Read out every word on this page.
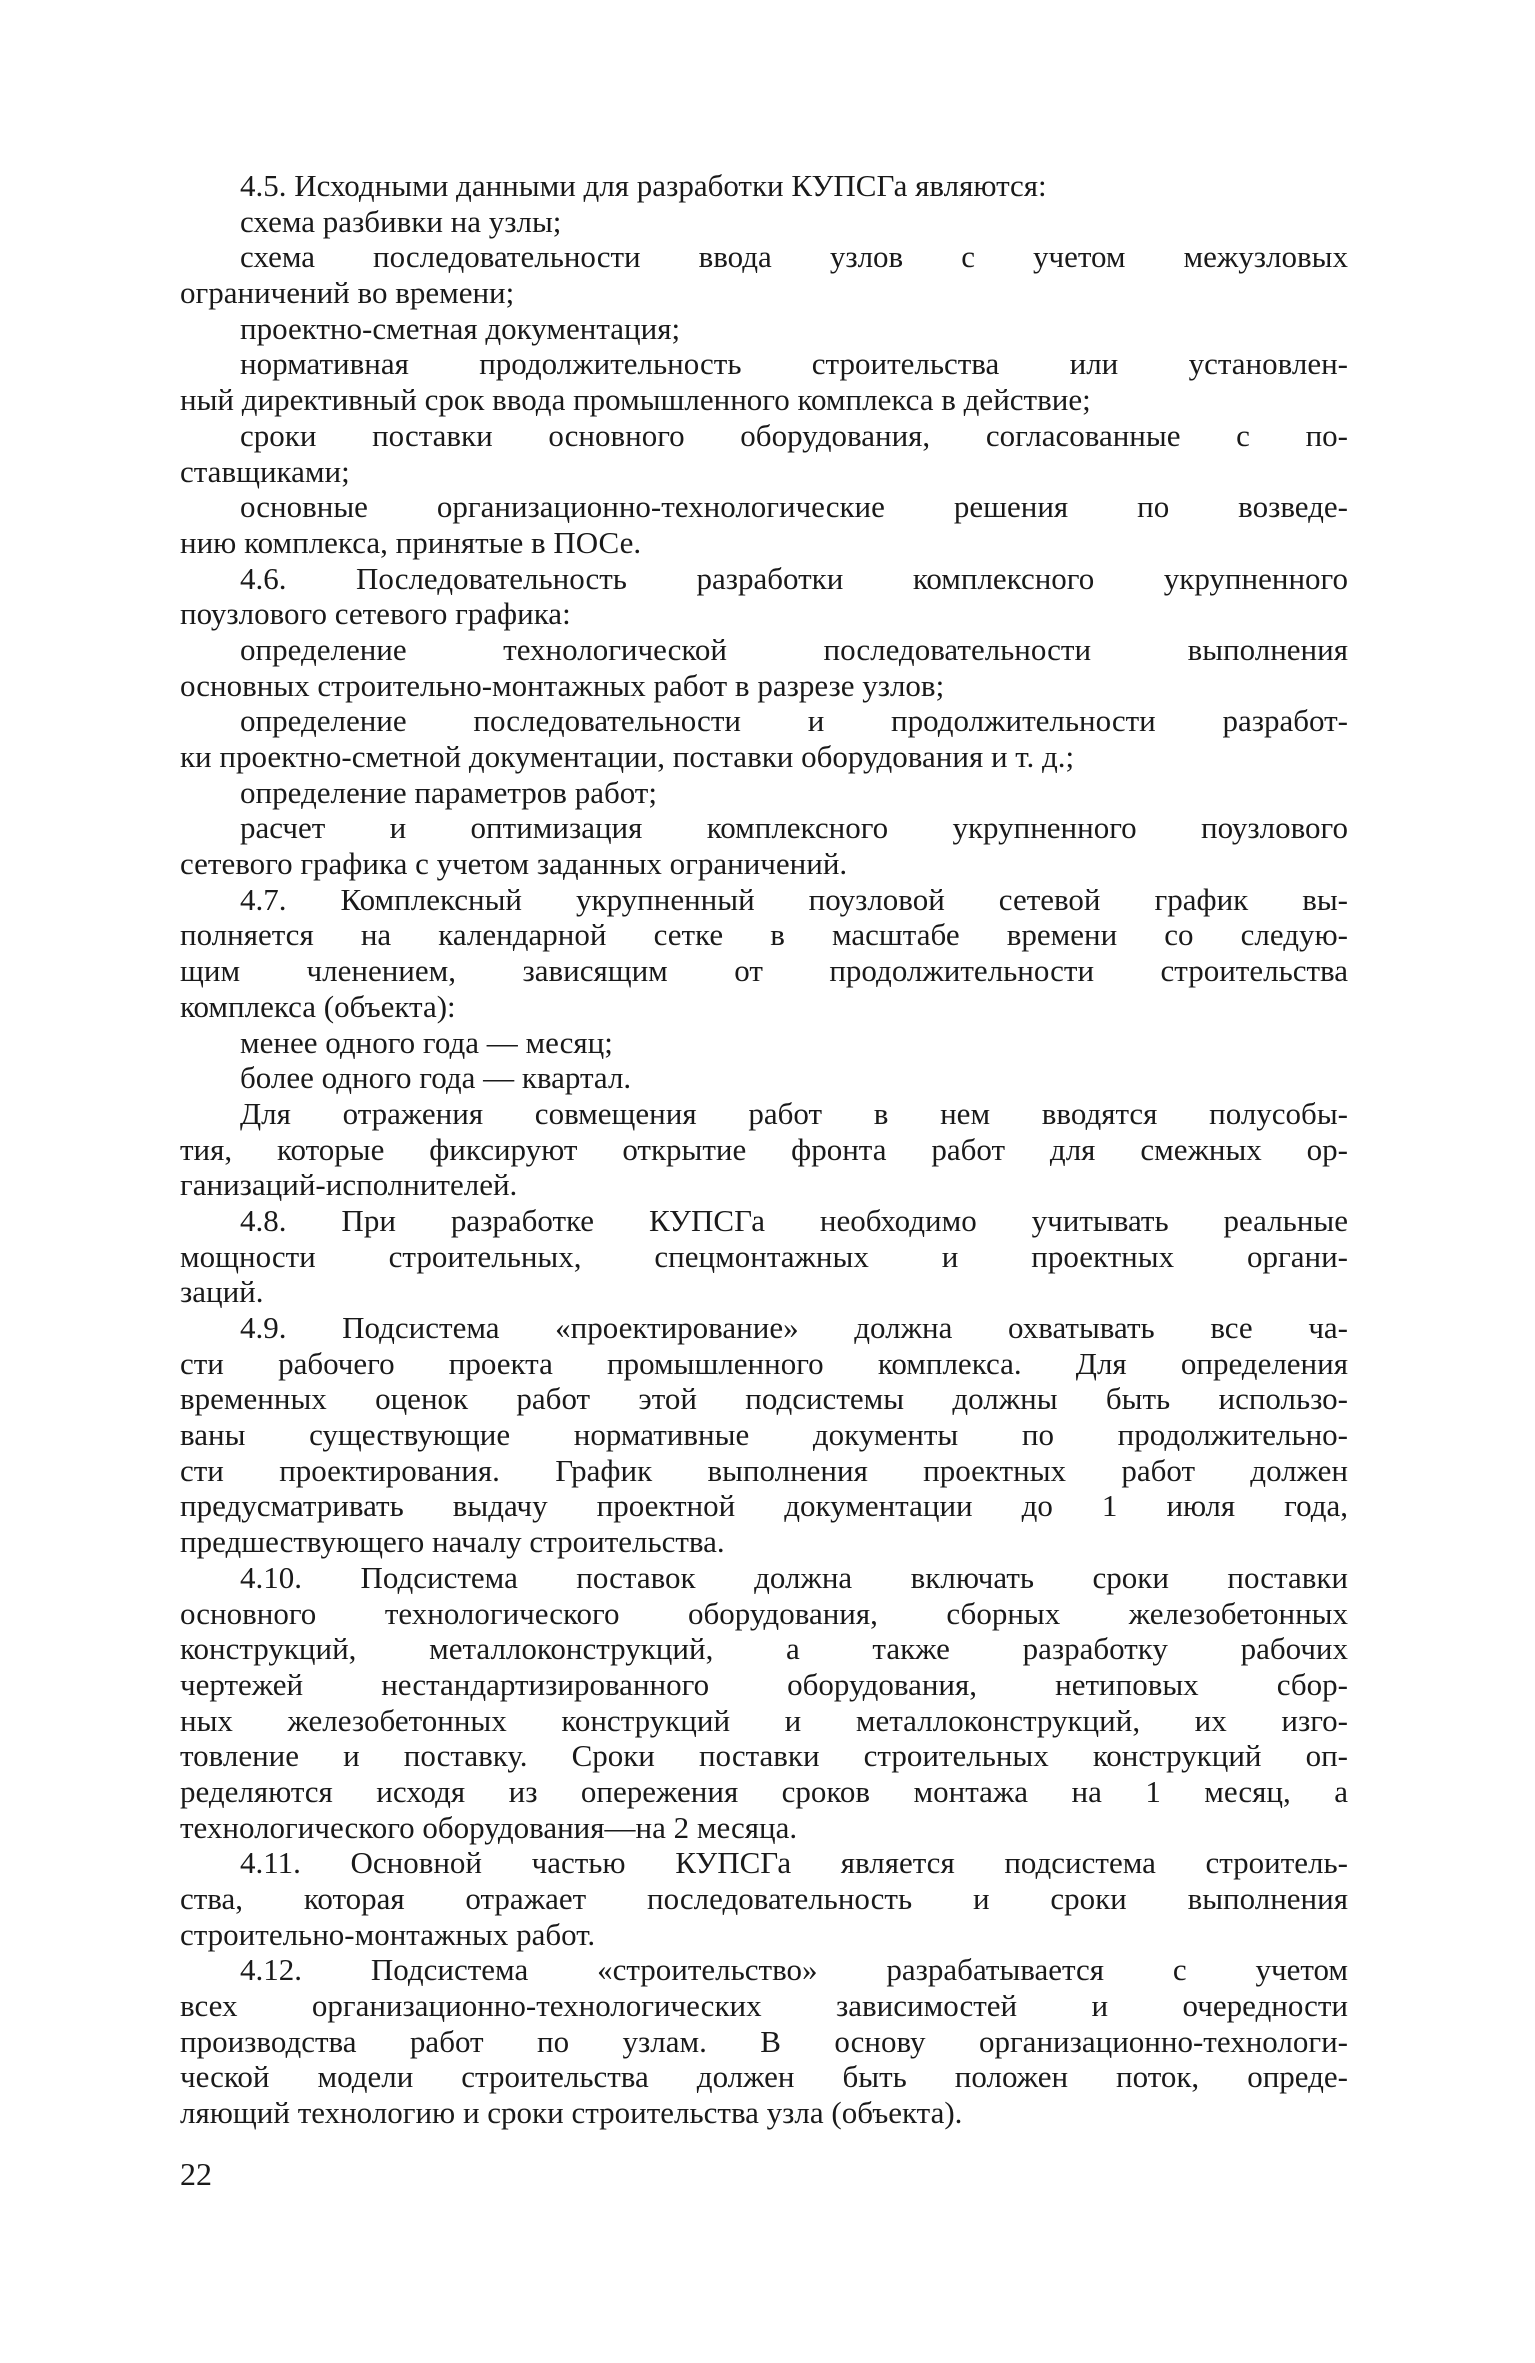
4.5. Исходными данными для разработки КУПСГа являются:
схема разбивки на узлы;
схема последовательности ввода узлов с учетом межузловых
ограничений во времени;
проектно-сметная документация;
нормативная продолжительность строительства или установлен-
ный директивный срок ввода промышленного комплекса в действие;
сроки поставки основного оборудования, согласованные с по-
ставщиками;
основные организационно-технологические решения по возведе-
нию комплекса, принятые в ПОСе.
4.6. Последовательность разработки комплексного укрупненного
поузлового сетевого графика:
определение технологической последовательности выполнения
основных строительно-монтажных работ в разрезе узлов;
определение последовательности и продолжительности разработ-
ки проектно-сметной документации, поставки оборудования и т. д.;
определение параметров работ;
расчет и оптимизация комплексного укрупненного поузлового
сетевого графика с учетом заданных ограничений.
4.7. Комплексный укрупненный поузловой сетевой график вы-
полняется на календарной сетке в масштабе времени со следую-
щим членением, зависящим от продолжительности строительства
комплекса (объекта):
менее одного года — месяц;
более одного года — квартал.
Для отражения совмещения работ в нем вводятся полусобы-
тия, которые фиксируют открытие фронта работ для смежных ор-
ганизаций-исполнителей.
4.8. При разработке КУПСГа необходимо учитывать реальные
мощности строительных, спецмонтажных и проектных органи-
заций.
4.9. Подсистема «проектирование» должна охватывать все ча-
сти рабочего проекта промышленного комплекса. Для определения
временных оценок работ этой подсистемы должны быть использо-
ваны существующие нормативные документы по продолжительно-
сти проектирования. График выполнения проектных работ должен
предусматривать выдачу проектной документации до 1 июля года,
предшествующего началу строительства.
4.10. Подсистема поставок должна включать сроки поставки
основного технологического оборудования, сборных железобетонных
конструкций, металлоконструкций, а также разработку рабочих
чертежей нестандартизированного оборудования, нетиповых сбор-
ных железобетонных конструкций и металлоконструкций, их изго-
товление и поставку. Сроки поставки строительных конструкций оп-
ределяются исходя из опережения сроков монтажа на 1 месяц, а
технологического оборудования—на 2 месяца.
4.11. Основной частью КУПСГа является подсистема строитель-
ства, которая отражает последовательность и сроки выполнения
строительно-монтажных работ.
4.12. Подсистема «строительство» разрабатывается с учетом
всех организационно-технологических зависимостей и очередности
производства работ по узлам. В основу организационно-технологи-
ческой модели строительства должен быть положен поток, опреде-
ляющий технологию и сроки строительства узла (объекта).
22
